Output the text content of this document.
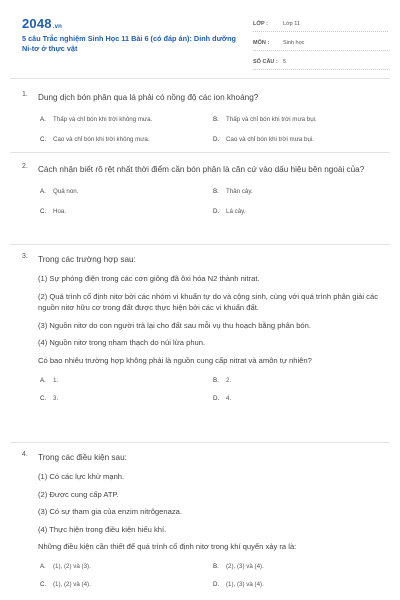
2048.vn
5 câu Trắc nghiệm Sinh Học 11 Bài 6 (có đáp án): Dinh dưỡng Ni-tơ ở thực vật
LỚP :	Lớp 11
MÔN :	Sinh học
SỐ CÂU : 5
1.	Dung dịch bón phân qua lá phải có nồng độ các ion khoáng?
A.	Thấp và chỉ bón khi trời không mưa.	B.	Thấp và chỉ bón khi trời mưa bụi.
C.	Cao và chỉ bón khi trời không mưa.	D.	Cao và chỉ bón khi trời mưa bụi.
2.	Cách nhận biết rõ rệt nhất thời điểm cần bón phân là căn cứ vào dấu hiệu bên ngoài của?
A.	Quả non.	B.	Thân cây.
C.	Hoa.	D.	Lá cây.
3.	Trong các trường hợp sau:
(1) Sự phóng điện trong các cơn giông đã ôxi hóa N2 thành nitrat.
(2) Quá trình cố định nitơ bởi các nhóm vi khuẩn tự do và cộng sinh, cùng với quá trình phân giải các nguồn nitơ hữu cơ trong đất được thực hiện bởi các vi khuẩn đất.
(3) Nguồn nitơ do con người trả lại cho đất sau mỗi vụ thu hoạch bằng phân bón.
(4) Nguồn nitơ trong nham thạch do núi lửa phun.
Có bao nhiêu trường hợp không phải là nguồn cung cấp nitrat và amôn tự nhiên?
A.	1.	B.	2.
C.	3.	D.	4.
4.	Trong các điều kiện sau:
(1) Có các lực khử mạnh.
(2) Được cung cấp ATP.
(3) Có sự tham gia của enzim nitrôgenaza.
(4) Thực hiện trong điều kiện hiếu khí.
Những điều kiện cần thiết để quá trình cố định nitơ trong khí quyển xảy ra là:
A.	(1), (2) và (3).	B.	(2), (3) và (4).
C.	(1), (2) và (4).	D.	(1), (3) và (4).
